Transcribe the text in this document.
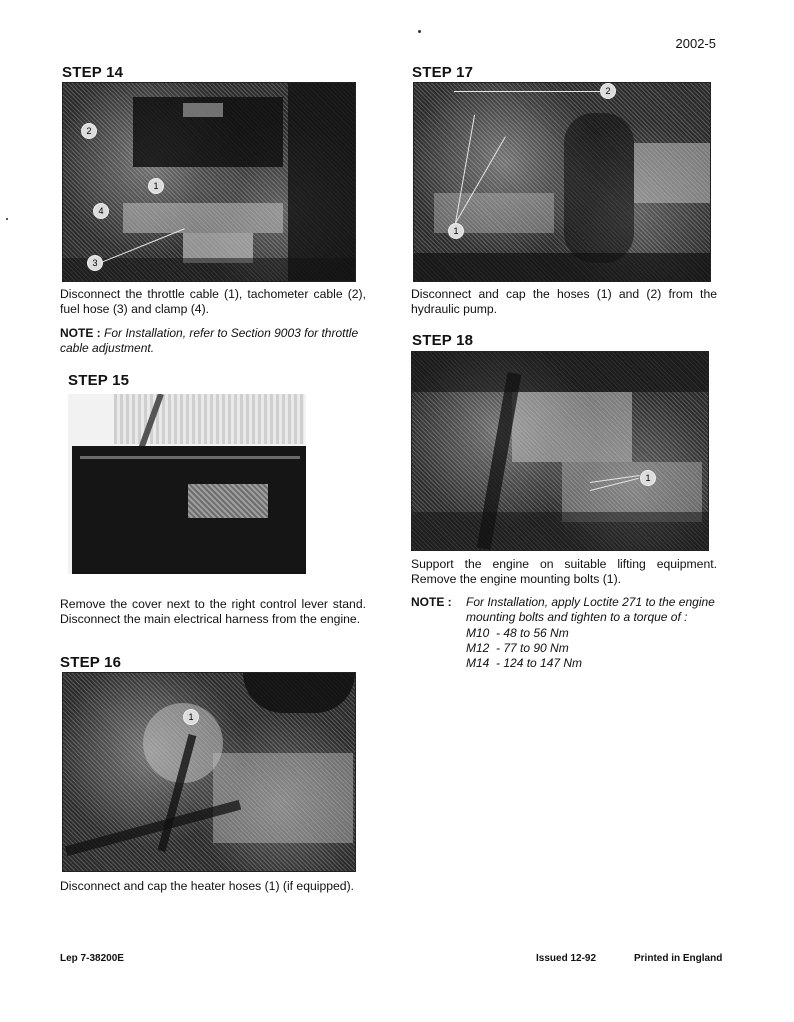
2002-5
STEP 14
2
1
4
3
Disconnect the throttle cable (1), tachometer cable (2), fuel hose (3) and clamp (4).
NOTE : For Installation, refer to Section 9003 for throttle cable adjustment.
STEP 15
Remove the cover next to the right control lever stand. Disconnect the main electrical harness from the engine.
STEP 16
1
Disconnect and cap the heater hoses (1) (if equipped).
STEP 17
2
1
Disconnect and cap the hoses (1) and (2) from the hydraulic pump.
STEP 18
1
Support the engine on suitable lifting equipment. Remove the engine mounting bolts (1).
NOTE : For Installation, apply Loctite 271 to the engine mounting bolts and tighten to a torque of :
M10  - 48 to 56 Nm
M12  - 77 to 90 Nm
M14  - 124 to 147 Nm
Lep 7-38200E	Issued 12-92	Printed in England
